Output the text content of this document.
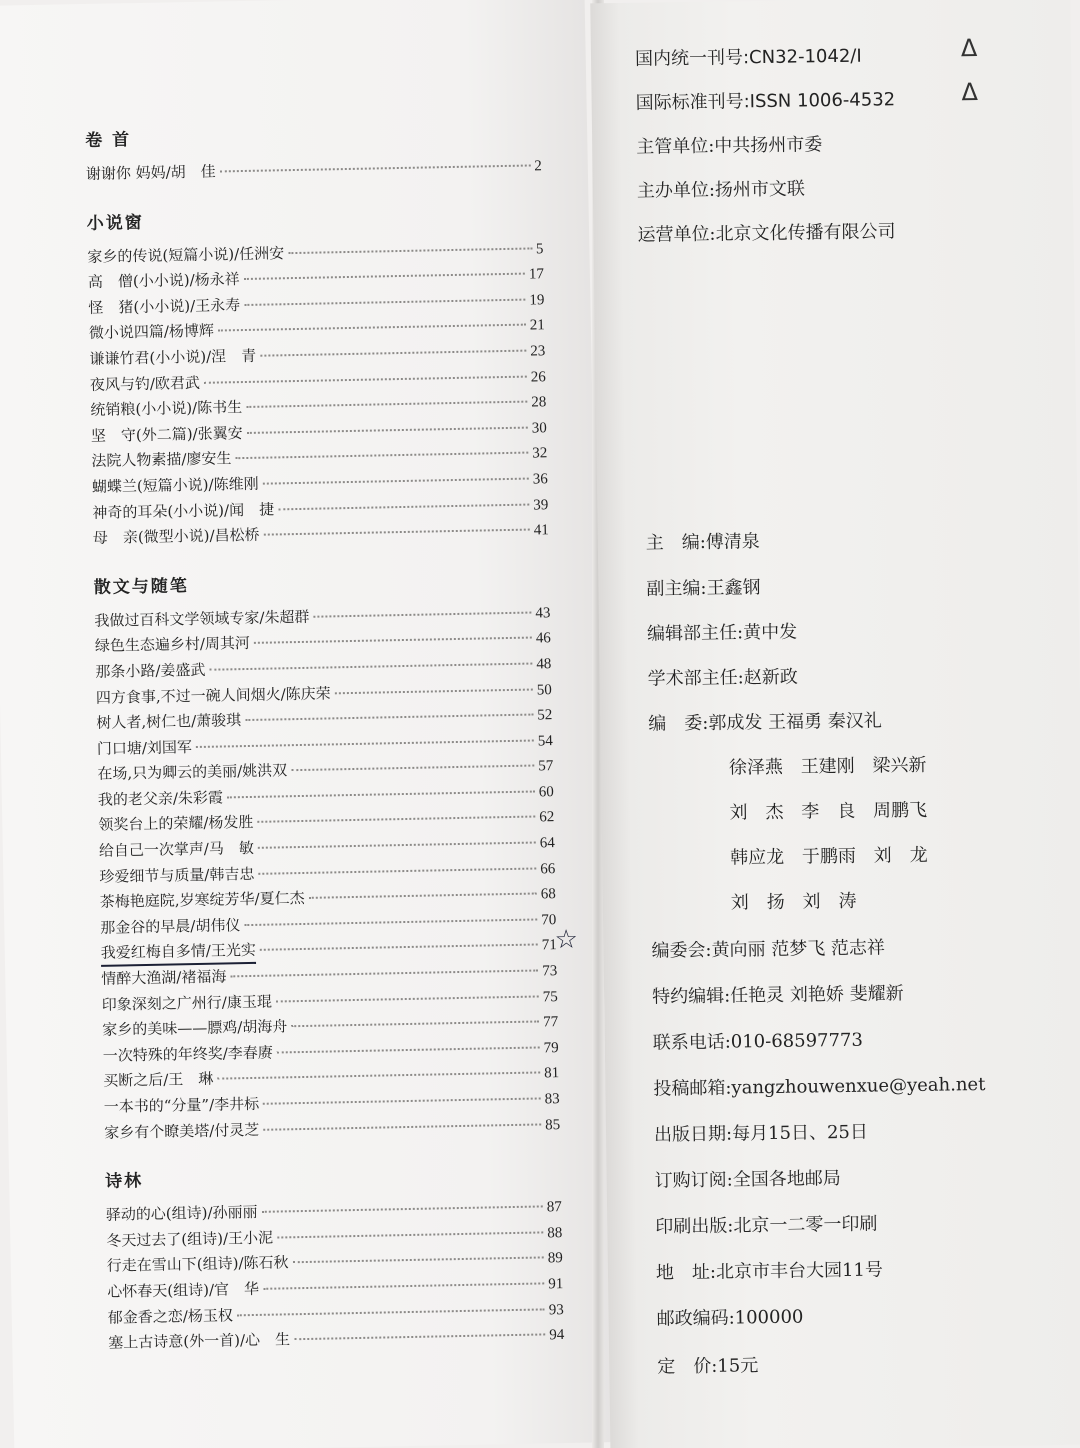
卷 首
谢谢你 妈妈/胡　佳	2
小说窗
家乡的传说(短篇小说)/任洲安	5
高　僧(小小说)/杨永祥	17
怪　猪(小小说)/王永寿	19
微小说四篇/杨博辉	21
谦谦竹君(小小说)/涅　青	23
夜风与钓/欧君武	26
统销粮(小小说)/陈书生	28
坚　守(外二篇)/张翼安	30
法院人物素描/廖安生	32
蝴蝶兰(短篇小说)/陈维刚	36
神奇的耳朵(小小说)/闻　捷	39
母　亲(微型小说)/昌松桥	41
散文与随笔
我做过百科文学领域专家/朱超群	43
绿色生态遍乡村/周其河	46
那条小路/姜盛武	48
四方食事,不过一碗人间烟火/陈庆荣	50
树人者,树仁也/萧骏琪	52
门口塘/刘国军	54
在场,只为卿云的美丽/姚洪双	57
我的老父亲/朱彩霞	60
领奖台上的荣耀/杨发胜	62
给自己一次掌声/马　敏	64
珍爱细节与质量/韩吉忠	66
茶梅艳庭院,岁寒绽芳华/夏仁杰	68
那金谷的早晨/胡伟仪	70
我爱红梅自多情/王光实	71
情醉大渔湖/褚福海	73
印象深刻之广州行/康玉琨	75
家乡的美味——膘鸡/胡海舟	77
一次特殊的年终奖/李春赓	79
买断之后/王　琳	81
一本书的“分量”/李井标	83
家乡有个瞭美塔/付灵芝	85
诗林
驿动的心(组诗)/孙丽丽	87
冬天过去了(组诗)/王小泥	88
行走在雪山下(组诗)/陈石秋	89
心怀春天(组诗)/官　华	91
郁金香之恋/杨玉权	93
塞上古诗意(外一首)/心　生	94
☆
国内统一刊号:CN32-1042/I
国际标准刊号:ISSN 1006-4532
主管单位:中共扬州市委
主办单位:扬州市文联
运营单位:北京文化传播有限公司
Δ
Δ
主　编:傅清泉
副主编:王鑫钢
编辑部主任:黄中发
学术部主任:赵新政
编　委:郭成发 王福勇 秦汉礼
徐泽燕 王建刚 梁兴新
刘　杰 李　良 周鹏飞
韩应龙 于鹏雨 刘　龙
刘　扬 刘　涛
编委会:黄向丽 范梦飞 范志祥
特约编辑:任艳灵 刘艳娇 斐耀新
联系电话:010-68597773
投稿邮箱:yangzhouwenxue@yeah.net
出版日期:每月15日、25日
订购订阅:全国各地邮局
印刷出版:北京一二零一印刷
地　址:北京市丰台大园11号
邮政编码:100000
定　价:15元
